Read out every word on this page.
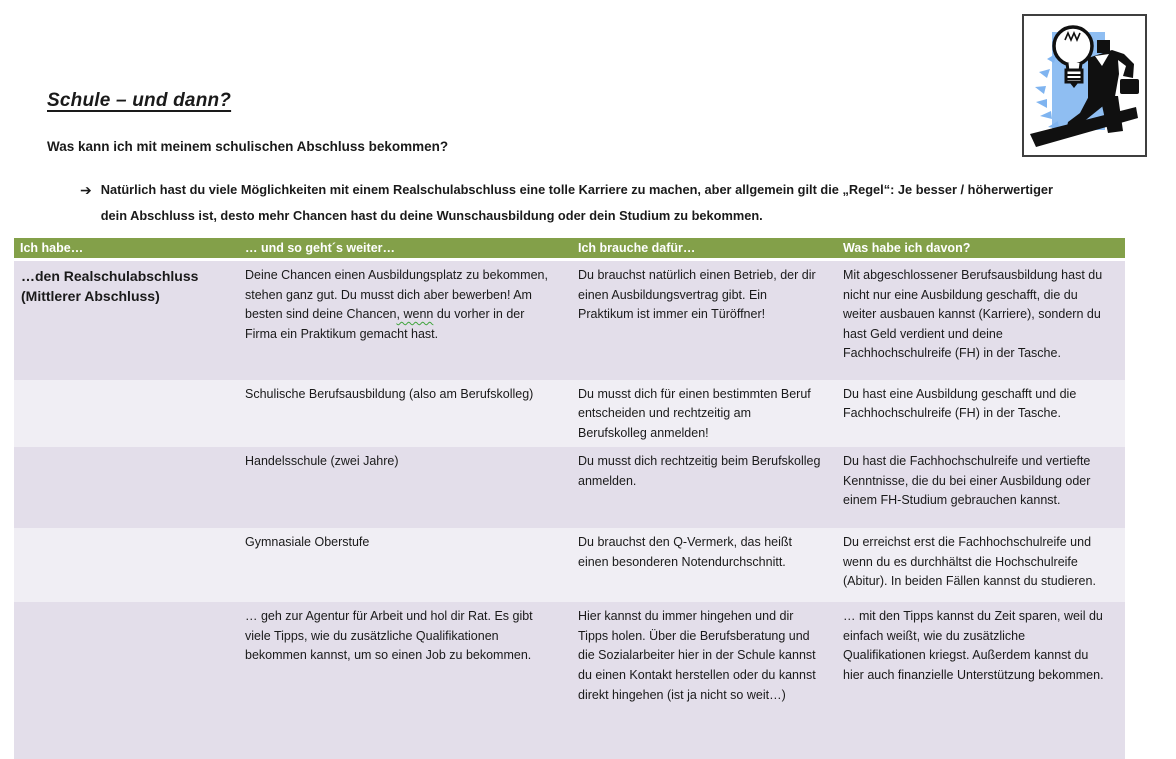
Schule – und dann?

Was kann ich mit meinem schulischen Abschluss bekommen?

➔ Natürlich hast du viele Möglichkeiten mit einem Realschulabschluss eine tolle Karriere zu machen, aber allgemein gilt die „Regel“: Je besser / höherwertiger dein Abschluss ist, desto mehr Chancen hast du deine Wunschausbildung oder dein Studium zu bekommen.
Ich habe…	… und so geht´s weiter…	Ich brauche dafür…	Was habe ich davon?
…den Realschulabschluss (Mittlerer Abschluss)	Deine Chancen einen Ausbildungsplatz zu bekommen, stehen ganz gut. Du musst dich aber bewerben! Am besten sind deine Chancen, wenn du vorher in der Firma ein Praktikum gemacht hast.	Du brauchst natürlich einen Betrieb, der dir einen Ausbildungsvertrag gibt. Ein Praktikum ist immer ein Türöffner!	Mit abgeschlossener Berufsausbildung hast du nicht nur eine Ausbildung geschafft, die du weiter ausbauen kannst (Karriere), sondern du hast Geld verdient und deine Fachhochschulreife (FH) in der Tasche.
	Schulische Berufsausbildung (also am Berufskolleg)	Du musst dich für einen bestimmten Beruf entscheiden und rechtzeitig am Berufskolleg anmelden!	Du hast eine Ausbildung geschafft und die Fachhochschulreife (FH) in der Tasche.
	Handelsschule (zwei Jahre)	Du musst dich rechtzeitig beim Berufskolleg anmelden.	Du hast die Fachhochschulreife und vertiefte Kenntnisse, die du bei einer Ausbildung oder einem FH-Studium gebrauchen kannst.
	Gymnasiale Oberstufe	Du brauchst den Q-Vermerk, das heißt einen besonderen Notendurchschnitt.	Du erreichst erst die Fachhochschulreife und wenn du es durchhältst die Hochschulreife (Abitur). In beiden Fällen kannst du studieren.
	… geh zur Agentur für Arbeit und hol dir Rat. Es gibt viele Tipps, wie du zusätzliche Qualifikationen bekommen kannst, um so einen Job zu bekommen.	Hier kannst du immer hingehen und dir Tipps holen. Über die Berufsberatung und die Sozialarbeiter hier in der Schule kannst du einen Kontakt herstellen oder du kannst direkt hingehen (ist ja nicht so weit…)	… mit den Tipps kannst du Zeit sparen, weil du einfach weißt, wie du zusätzliche Qualifikationen kriegst. Außerdem kannst du hier auch finanzielle Unterstützung bekommen.
